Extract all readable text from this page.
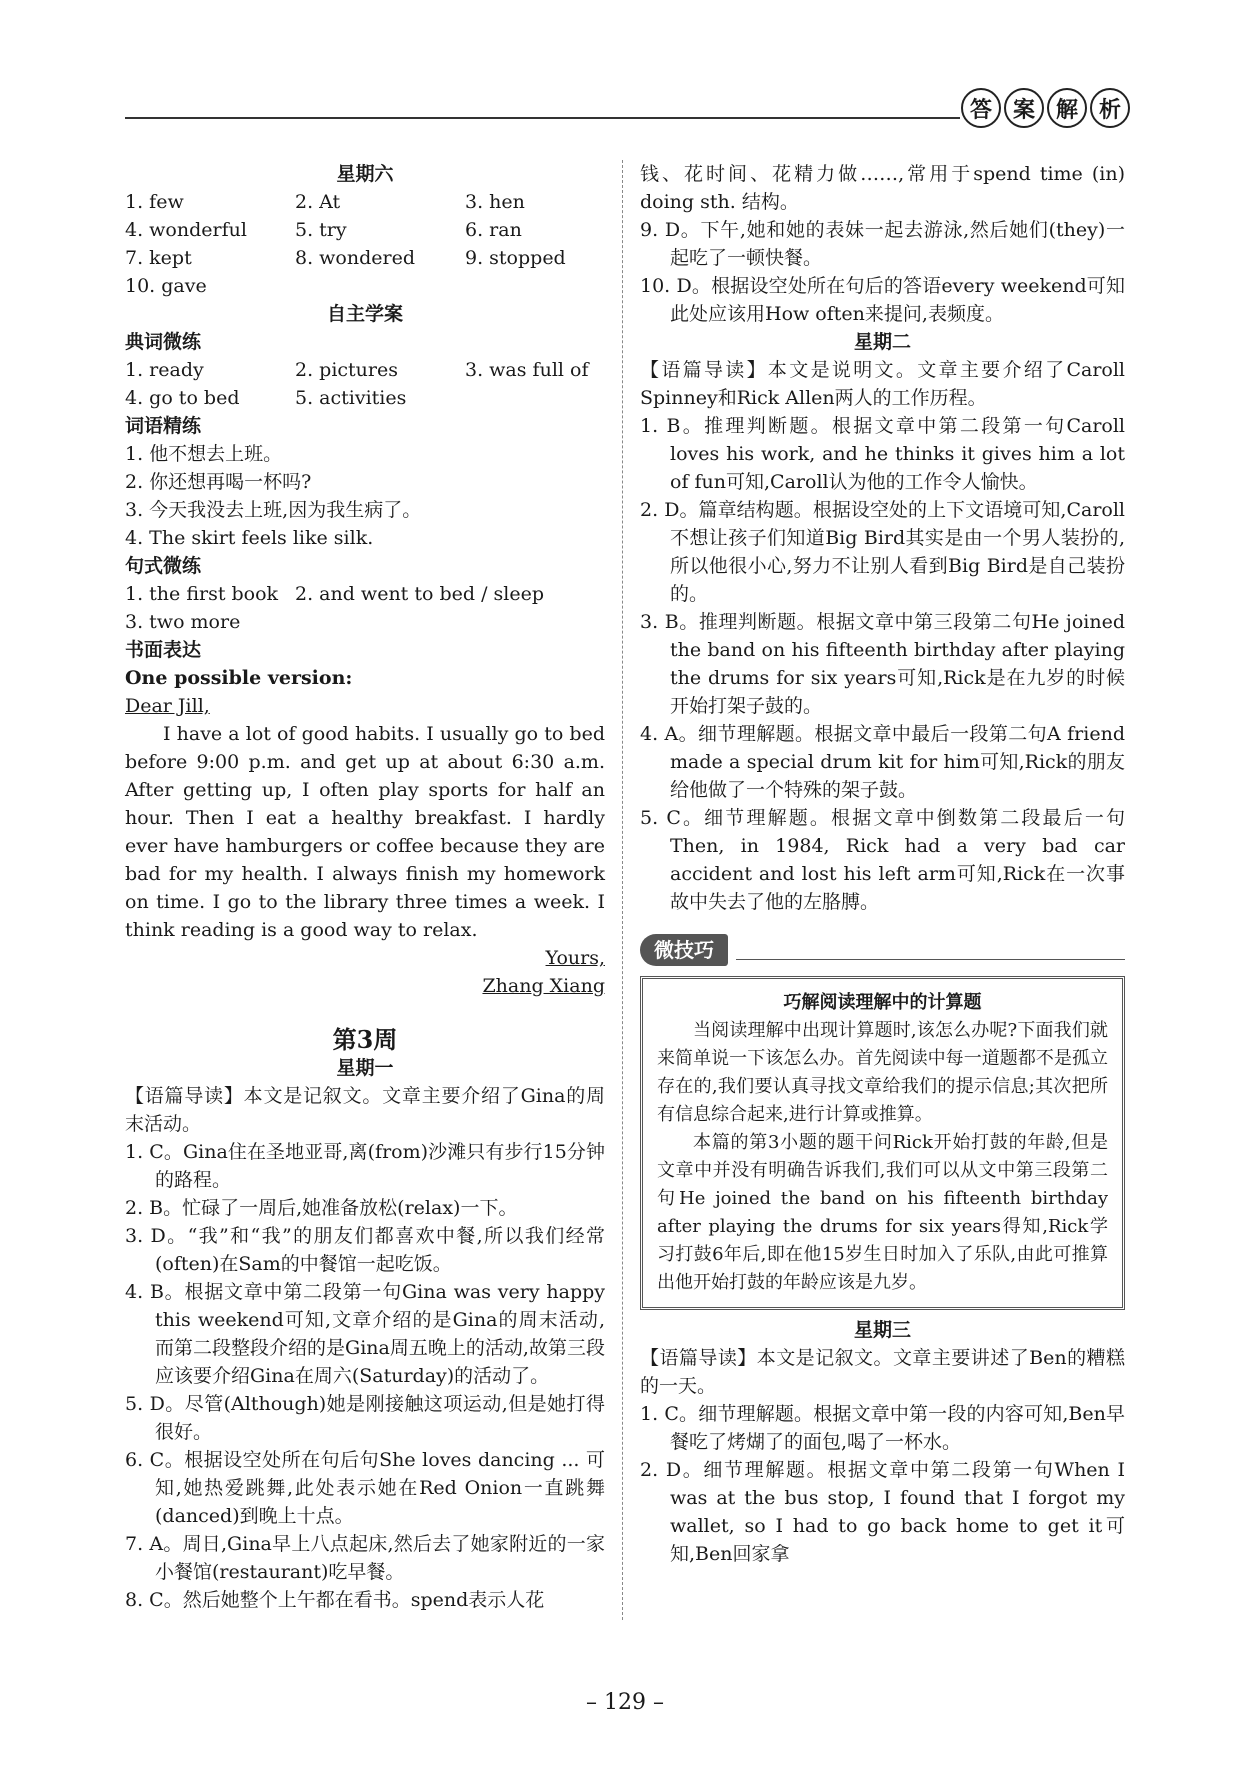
答 案 解 析
星期六
1. few	2. At	3. hen
4. wonderful	5. try	6. ran
7. kept	8. wondered	9. stopped
10. gave
自主学案
典词微练
1. ready	2. pictures	3. was full of
4. go to bed	5. activities
词语精练
1. 他不想去上班。
2. 你还想再喝一杯吗?
3. 今天我没去上班,因为我生病了。
4. The skirt feels like silk.
句式微练
1. the first book 2. and went to bed / sleep
3. two more
书面表达
One possible version:
Dear Jill,

I have a lot of good habits. I usually go to bed before 9:00 p.m. and get up at about 6:30 a.m. After getting up, I often play sports for half an hour. Then I eat a healthy breakfast. I hardly ever have hamburgers or coffee because they are bad for my health. I always finish my homework on time. I go to the library three times a week. I think reading is a good way to relax.

Yours,
Zhang Xiang
第3周
星期一

【语篇导读】本文是记叙文。文章主要介绍了Gina的周末活动。

1. C。Gina住在圣地亚哥,离(from)沙滩只有步行15分钟的路程。

2. B。忙碌了一周后,她准备放松(relax)一下。

3. D。“我”和“我”的朋友们都喜欢中餐,所以我们经常(often)在Sam的中餐馆一起吃饭。

4. B。根据文章中第二段第一句Gina was very happy this weekend可知,文章介绍的是Gina的周末活动,而第二段整段介绍的是Gina周五晚上的活动,故第三段应该要介绍Gina在周六(Saturday)的活动了。

5. D。尽管(Although)她是刚接触这项运动,但是她打得很好。

6. C。根据设空处所在句后句She loves dancing ... 可知,她热爱跳舞,此处表示她在Red Onion一直跳舞(danced)到晚上十点。

7. A。周日,Gina早上八点起床,然后去了她家附近的一家小餐馆(restaurant)吃早餐。

8. C。然后她整个上午都在看书。spend表示人花

钱、花时间、花精力做……,常用于spend time (in) doing sth. 结构。

9. D。下午,她和她的表妹一起去游泳,然后她们(they)一起吃了一顿快餐。

10. D。根据设空处所在句后的答语every weekend可知此处应该用How often来提问,表频度。

星期二

【语篇导读】本文是说明文。文章主要介绍了Caroll Spinney和Rick Allen两人的工作历程。

1. B。推理判断题。根据文章中第二段第一句Caroll loves his work, and he thinks it gives him a lot of fun可知,Caroll认为他的工作令人愉快。

2. D。篇章结构题。根据设空处的上下文语境可知,Caroll不想让孩子们知道Big Bird其实是由一个男人装扮的,所以他很小心,努力不让别人看到Big Bird是自己装扮的。

3. B。推理判断题。根据文章中第三段第二句He joined the band on his fifteenth birthday after playing the drums for six years可知,Rick是在九岁的时候开始打架子鼓的。

4. A。细节理解题。根据文章中最后一段第二句A friend made a special drum kit for him可知,Rick的朋友给他做了一个特殊的架子鼓。

5. C。细节理解题。根据文章中倒数第二段最后一句Then, in 1984, Rick had a very bad car accident and lost his left arm可知,Rick在一次事故中失去了他的左胳膊。

微技巧
巧解阅读理解中的计算题

当阅读理解中出现计算题时,该怎么办呢?下面我们就来简单说一下该怎么办。首先阅读中每一道题都不是孤立存在的,我们要认真寻找文章给我们的提示信息;其次把所有信息综合起来,进行计算或推算。

本篇的第3小题的题干问Rick开始打鼓的年龄,但是文章中并没有明确告诉我们,我们可以从文中第三段第二句He joined the band on his fifteenth birthday after playing the drums for six years得知,Rick学习打鼓6年后,即在他15岁生日时加入了乐队,由此可推算出他开始打鼓的年龄应该是九岁。

星期三

【语篇导读】本文是记叙文。文章主要讲述了Ben的糟糕的一天。

1. C。细节理解题。根据文章中第一段的内容可知,Ben早餐吃了烤煳了的面包,喝了一杯水。

2. D。细节理解题。根据文章中第二段第一句When I was at the bus stop, I found that I forgot my wallet, so I had to go back home to get it可知,Ben回家拿

– 129 –
